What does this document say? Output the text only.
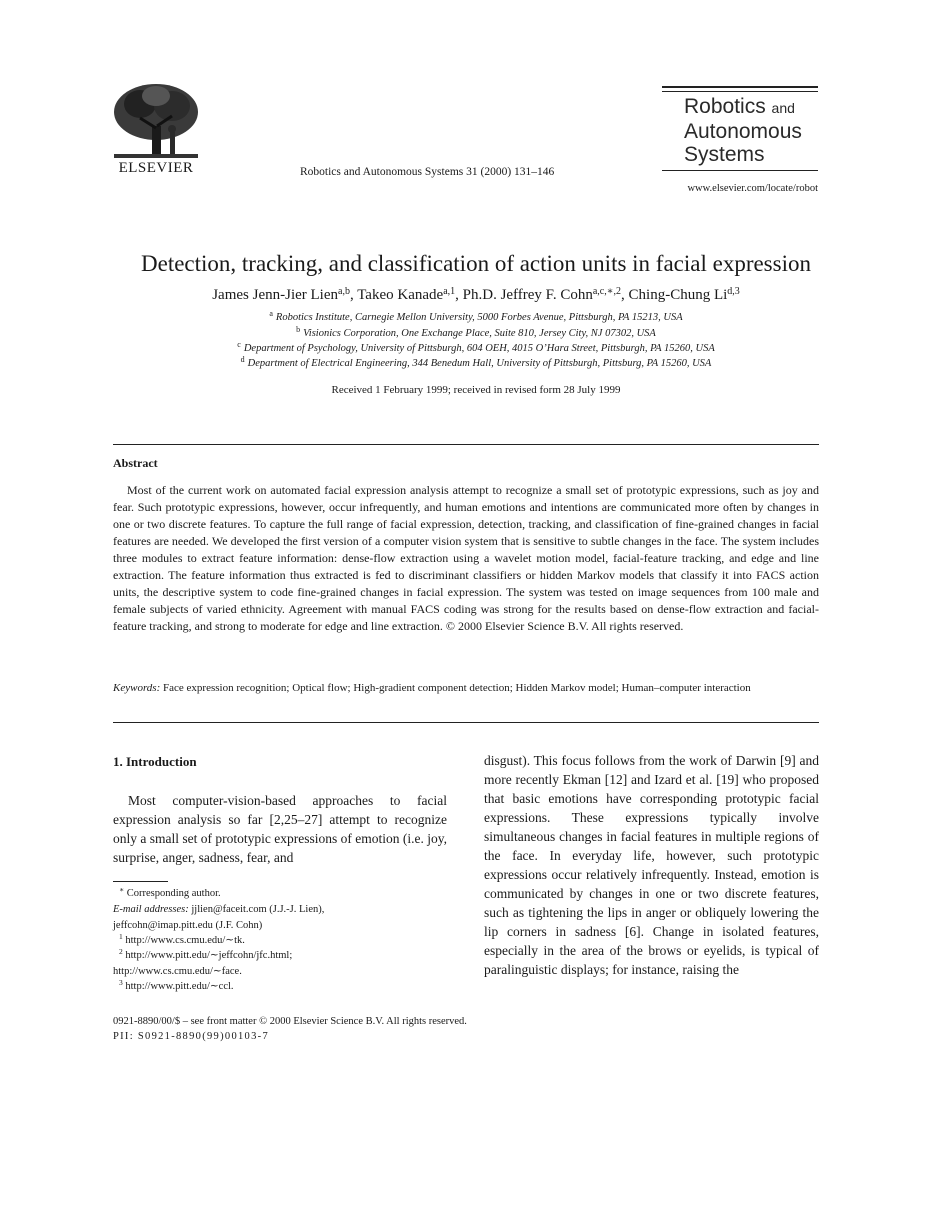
ELSEVIER	Robotics and Autonomous Systems 31 (2000) 131–146
Robotics and
Autonomous
Systems
www.elsevier.com/locate/robot
Detection, tracking, and classification of action units in facial expression
James Jenn-Jier Lien$^{a,b}$, Takeo Kanade$^{a,1}$, Ph.D. Jeffrey F. Cohn$^{a,c,∗,2}$, Ching-Chung Li$^{d,3}$
$^a$ Robotics Institute, Carnegie Mellon University, 5000 Forbes Avenue, Pittsburgh, PA 15213, USA
$^b$ Visionics Corporation, One Exchange Place, Suite 810, Jersey City, NJ 07302, USA
$^c$ Department of Psychology, University of Pittsburgh, 604 OEH, 4015 O’Hara Street, Pittsburgh, PA 15260, USA
$^d$ Department of Electrical Engineering, 344 Benedum Hall, University of Pittsburgh, Pittsburg, PA 15260, USA
Received 1 February 1999; received in revised form 28 July 1999
Abstract
Most of the current work on automated facial expression analysis attempt to recognize a small set of prototypic expressions, such as joy and fear. Such prototypic expressions, however, occur infrequently, and human emotions and intentions are communicated more often by changes in one or two discrete features. To capture the full range of facial expression, detection, tracking, and classification of fine-grained changes in facial features are needed. We developed the first version of a computer vision system that is sensitive to subtle changes in the face. The system includes three modules to extract feature information: dense-flow extraction using a wavelet motion model, facial-feature tracking, and edge and line extraction. The feature information thus extracted is fed to discriminant classifiers or hidden Markov models that classify it into FACS action units, the descriptive system to code fine-grained changes in facial expression. The system was tested on image sequences from 100 male and female subjects of varied ethnicity. Agreement with manual FACS coding was strong for the results based on dense-flow extraction and facial-feature tracking, and strong to moderate for edge and line extraction. © 2000 Elsevier Science B.V. All rights reserved.
Keywords: Face expression recognition; Optical flow; High-gradient component detection; Hidden Markov model; Human–computer interaction
1. Introduction
Most computer-vision-based approaches to facial expression analysis so far [2,25–27] attempt to recognize only a small set of prototypic expressions of emotion (i.e. joy, surprise, anger, sadness, fear, and
disgust). This focus follows from the work of Darwin [9] and more recently Ekman [12] and Izard et al. [19] who proposed that basic emotions have corresponding prototypic facial expressions. These expressions typically involve simultaneous changes in facial features in multiple regions of the face. In everyday life, however, such prototypic expressions occur relatively infrequently. Instead, emotion is communicated by changes in one or two discrete features, such as tightening the lips in anger or obliquely lowering the lip corners in sadness [6]. Change in isolated features, especially in the area of the brows or eyelids, is typical of paralinguistic displays; for instance, raising the
∗ Corresponding author.
E-mail addresses: jjlien@faceit.com (J.J.-J. Lien),
jeffcohn@imap.pitt.edu (J.F. Cohn)
$^1$ http://www.cs.cmu.edu/∼tk.
$^2$ http://www.pitt.edu/∼jeffcohn/jfc.html;
http://www.cs.cmu.edu/∼face.
$^3$ http://www.pitt.edu/∼ccl.
0921-8890/00/$ – see front matter © 2000 Elsevier Science B.V. All rights reserved.
PII: S0921-8890(99)00103-7
